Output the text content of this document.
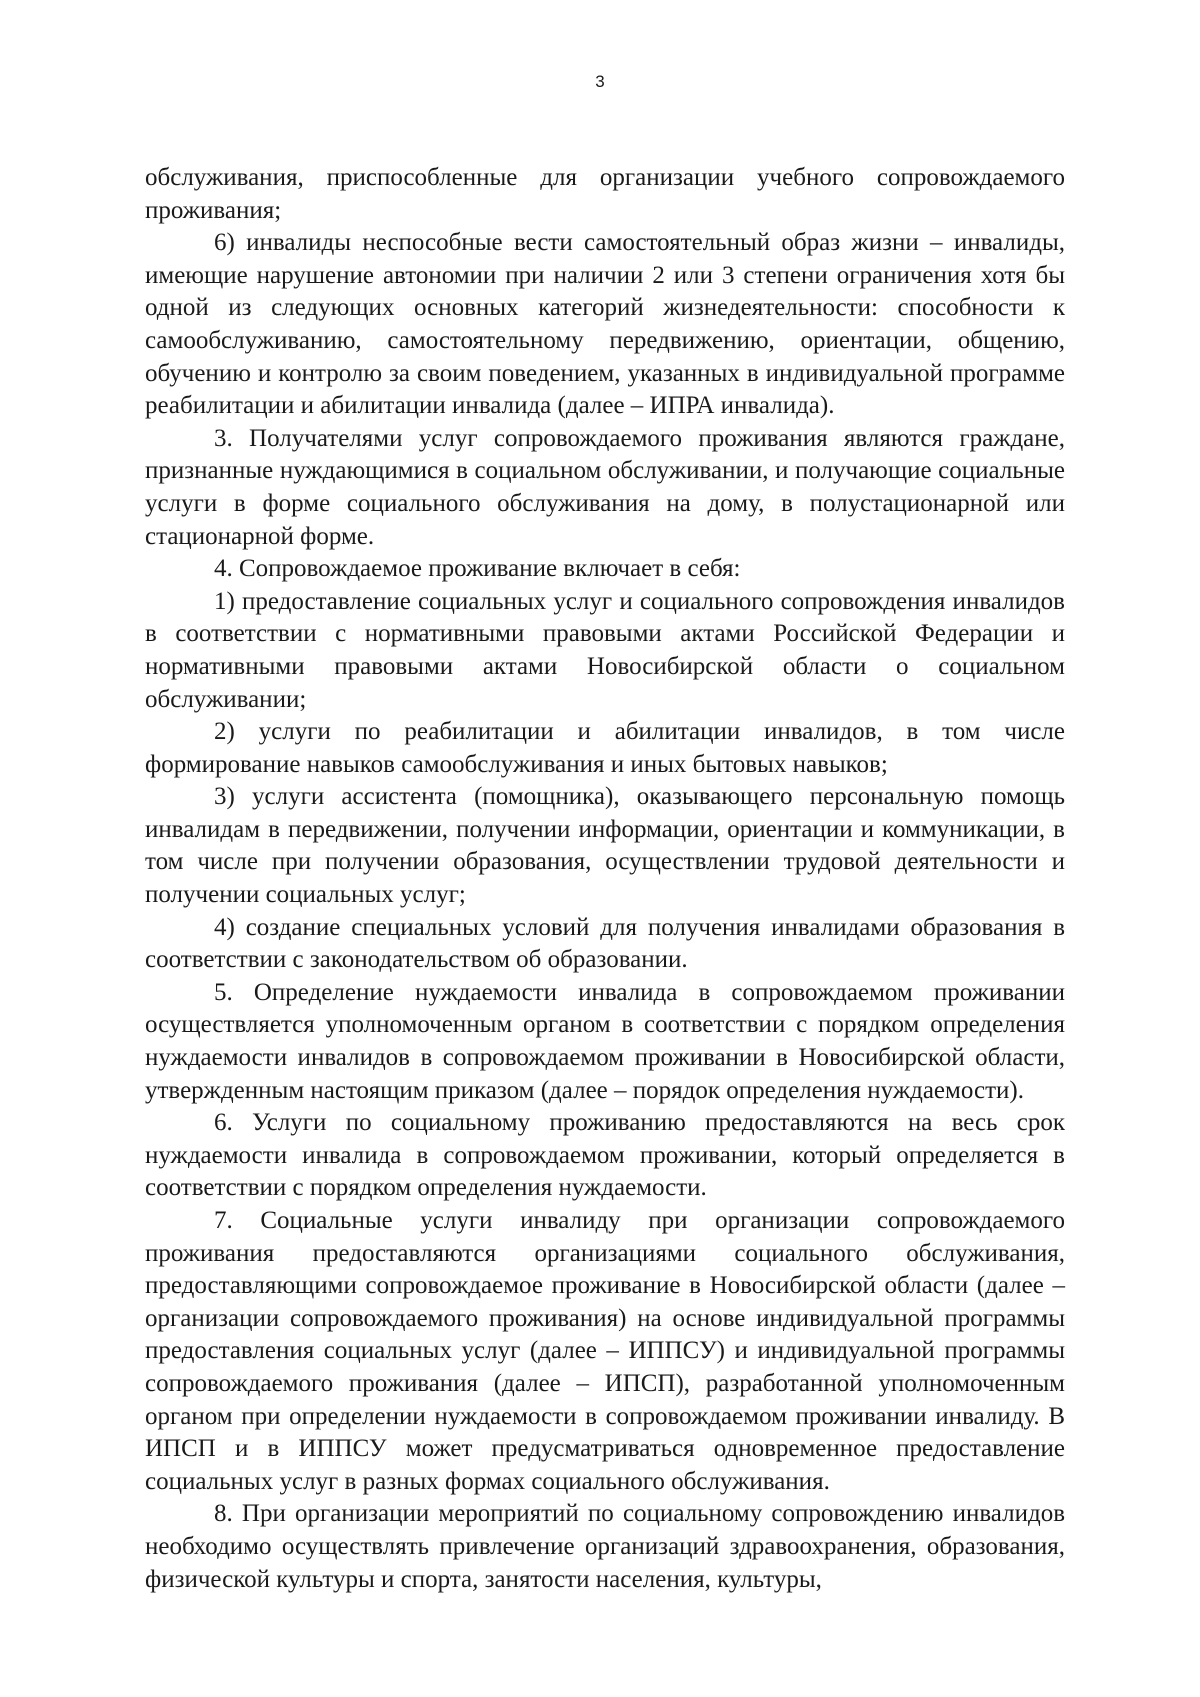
3

обслуживания, приспособленные для организации учебного сопровождаемого проживания;

6) инвалиды неспособные вести самостоятельный образ жизни – инвалиды, имеющие нарушение автономии при наличии 2 или 3 степени ограничения хотя бы одной из следующих основных категорий жизнедеятельности: способности к самообслуживанию, самостоятельному передвижению, ориентации, общению, обучению и контролю за своим поведением, указанных в индивидуальной программе реабилитации и абилитации инвалида (далее – ИПРА инвалида).

3. Получателями услуг сопровождаемого проживания являются граждане, признанные нуждающимися в социальном обслуживании, и получающие социальные услуги в форме социального обслуживания на дому, в полустационарной или стационарной форме.

4. Сопровождаемое проживание включает в себя:

1) предоставление социальных услуг и социального сопровождения инвалидов в соответствии с нормативными правовыми актами Российской Федерации и нормативными правовыми актами Новосибирской области о социальном обслуживании;

2) услуги по реабилитации и абилитации инвалидов, в том числе формирование навыков самообслуживания и иных бытовых навыков;

3) услуги ассистента (помощника), оказывающего персональную помощь инвалидам в передвижении, получении информации, ориентации и коммуникации, в том числе при получении образования, осуществлении трудовой деятельности и получении социальных услуг;

4) создание специальных условий для получения инвалидами образования в соответствии с законодательством об образовании.

5. Определение нуждаемости инвалида в сопровождаемом проживании осуществляется уполномоченным органом в соответствии с порядком определения нуждаемости инвалидов в сопровождаемом проживании в Новосибирской области, утвержденным настоящим приказом (далее – порядок определения нуждаемости).

6. Услуги по социальному проживанию предоставляются на весь срок нуждаемости инвалида в сопровождаемом проживании, который определяется в соответствии с порядком определения нуждаемости.

7. Социальные услуги инвалиду при организации сопровождаемого проживания предоставляются организациями социального обслуживания, предоставляющими сопровождаемое проживание в Новосибирской области (далее – организации сопровождаемого проживания) на основе индивидуальной программы предоставления социальных услуг (далее – ИППСУ) и индивидуальной программы сопровождаемого проживания (далее – ИПСП), разработанной уполномоченным органом при определении нуждаемости в сопровождаемом проживании инвалиду. В ИПСП и в ИППСУ может предусматриваться одновременное предоставление социальных услуг в разных формах социального обслуживания.

8. При организации мероприятий по социальному сопровождению инвалидов необходимо осуществлять привлечение организаций здравоохранения, образования, физической культуры и спорта, занятости населения, культуры,
